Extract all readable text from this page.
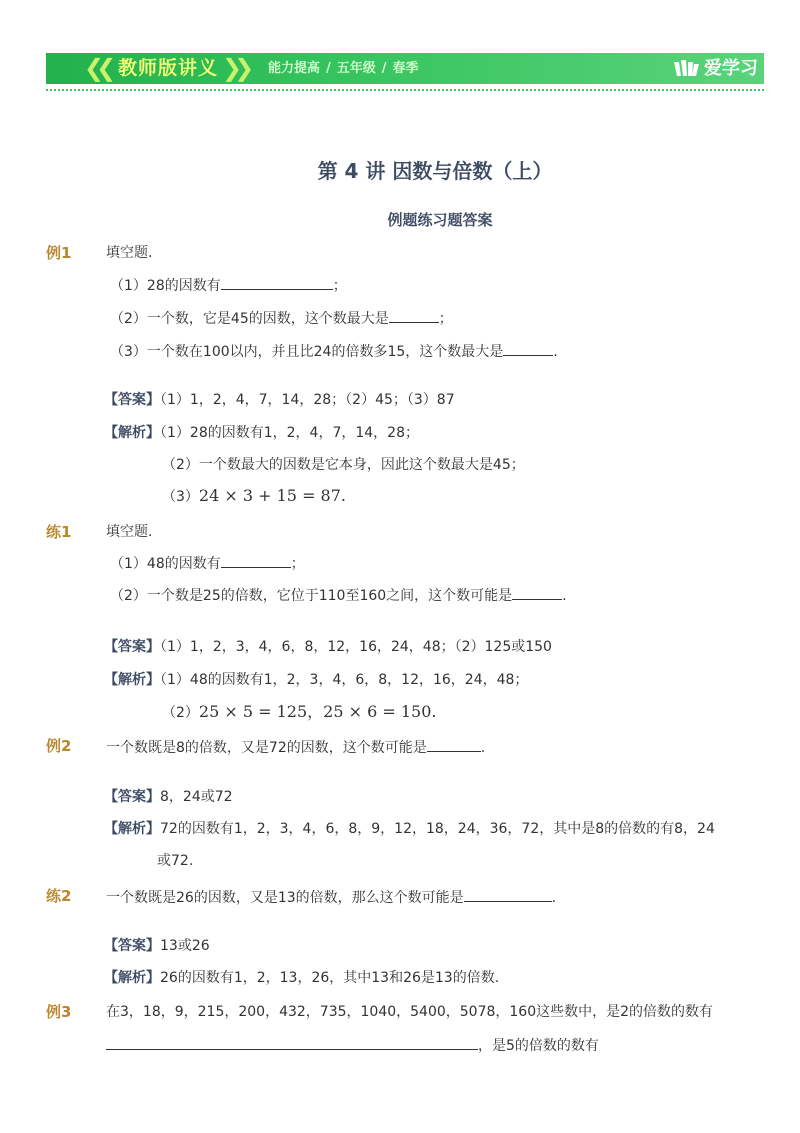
❮❮ 教师版讲义 ❯❯ 能力提高 / 五年级 / 春季	爱学习
第 4 讲 因数与倍数（上）
例题练习题答案
例1 填空题.
（1）28的因数有	；
（2）一个数，它是45的因数，这个数最大是	；
（3）一个数在100以内，并且比24的倍数多15，这个数最大是	.
【答案】（1）1，2，4，7，14，28；（2）45；（3）87
【解析】（1）28的因数有1，2，4，7，14，28；
（2）一个数最大的因数是它本身，因此这个数最大是45；
（3）24 × 3 + 15 = 87.
练1 填空题.
（1）48的因数有	；
（2）一个数是25的倍数，它位于110至160之间，这个数可能是	.
【答案】（1）1，2，3，4，6，8，12，16，24，48；（2）125或150
【解析】（1）48的因数有1，2，3，4，6，8，12，16，24，48；
（2）25 × 5 = 125，25 × 6 = 150.
例2 一个数既是8的倍数，又是72的因数，这个数可能是	.
【答案】8，24或72
【解析】72的因数有1，2，3，4，6，8，9，12，18，24，36，72，其中是8的倍数的有8，24
或72.
练2 一个数既是26的因数，又是13的倍数，那么这个数可能是	.
【答案】13或26
【解析】26的因数有1，2，13，26，其中13和26是13的倍数.
例3 在3，18，9，215，200，432，735，1040，5400，5078，160这些数中，是2的倍数的数有
，是5的倍数的数有
